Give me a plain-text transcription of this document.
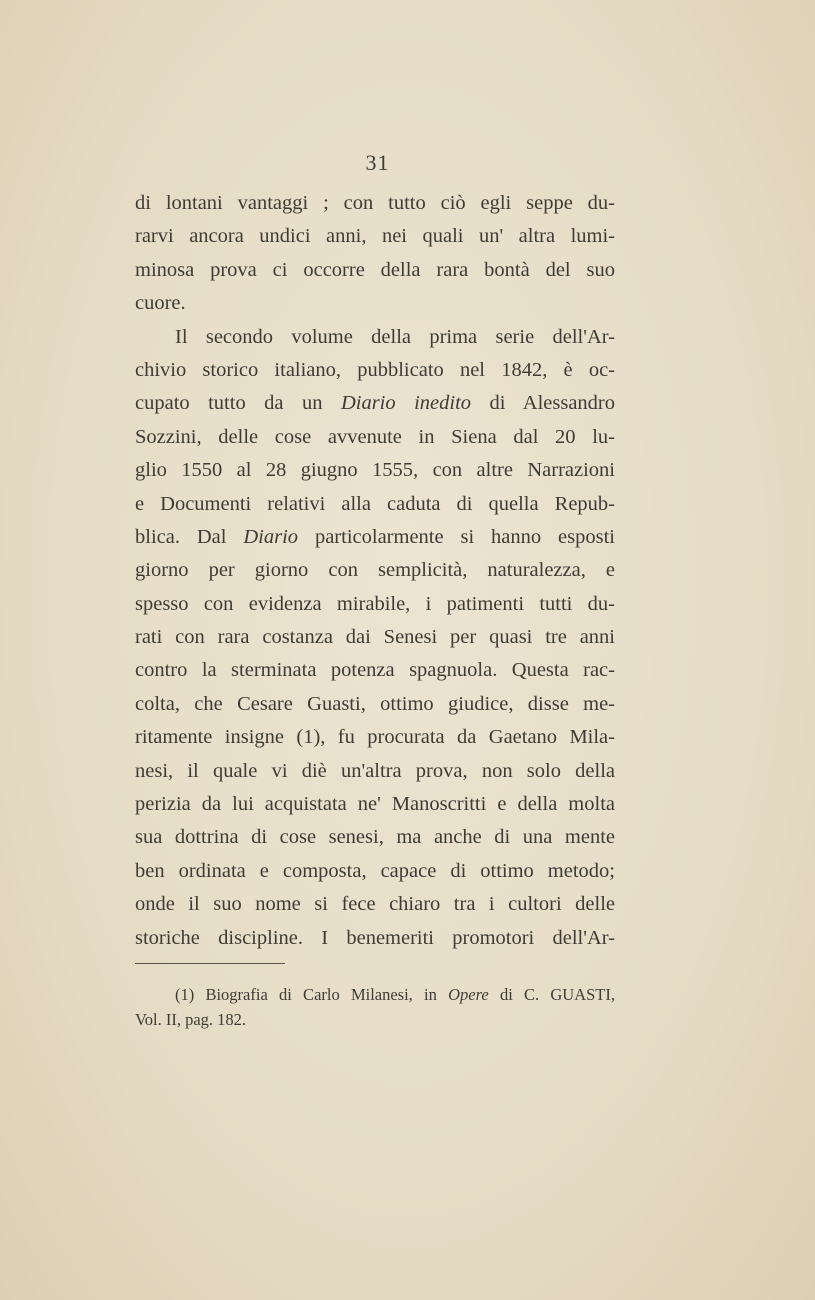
31
di lontani vantaggi ; con tutto ciò egli seppe du-
rarvi ancora undici anni, nei quali un' altra lumi-
minosa prova ci occorre della rara bontà del suo
cuore.
Il secondo volume della prima serie dell'Ar-
chivio storico italiano, pubblicato nel 1842, è oc-
cupato tutto da un Diario inedito di Alessandro
Sozzini, delle cose avvenute in Siena dal 20 lu-
glio 1550 al 28 giugno 1555, con altre Narrazioni
e Documenti relativi alla caduta di quella Repub-
blica. Dal Diario particolarmente si hanno esposti
giorno per giorno con semplicità, naturalezza, e
spesso con evidenza mirabile, i patimenti tutti du-
rati con rara costanza dai Senesi per quasi tre anni
contro la sterminata potenza spagnuola. Questa rac-
colta, che Cesare Guasti, ottimo giudice, disse me-
ritamente insigne (1), fu procurata da Gaetano Mila-
nesi, il quale vi diè un'altra prova, non solo della
perizia da lui acquistata ne' Manoscritti e della molta
sua dottrina di cose senesi, ma anche di una mente
ben ordinata e composta, capace di ottimo metodo;
onde il suo nome si fece chiaro tra i cultori delle
storiche discipline. I benemeriti promotori dell'Ar-
(1) Biografia di Carlo Milanesi, in Opere di C. GUASTI,
Vol. II, pag. 182.
